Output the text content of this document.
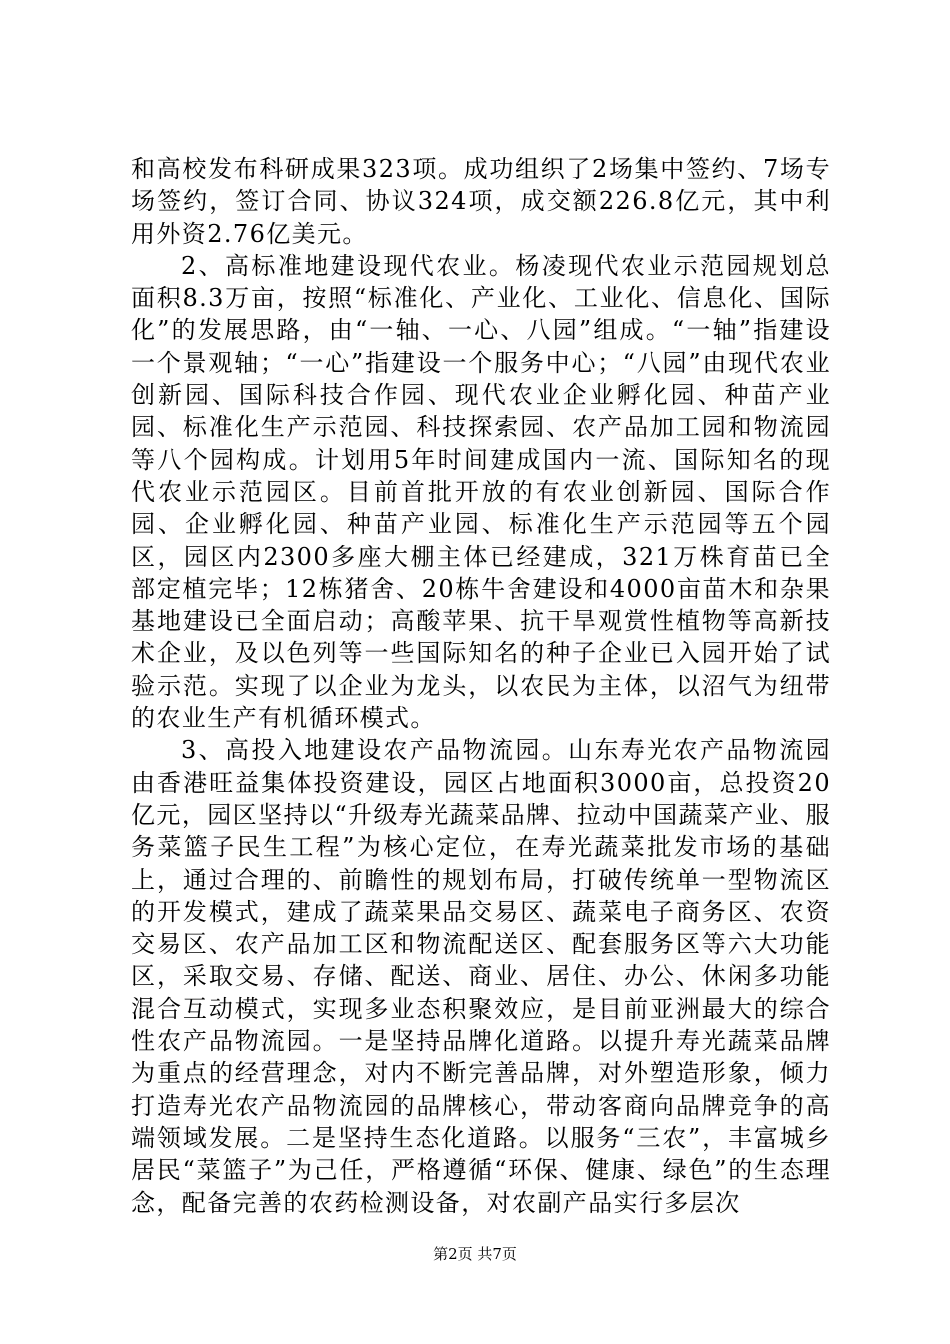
和高校发布科研成果323项。成功组织了2场集中签约、7场专场签约，签订合同、协议324项，成交额226.8亿元，其中利用外资2.76亿美元。

2、高标准地建设现代农业。杨凌现代农业示范园规划总面积8.3万亩，按照“标准化、产业化、工业化、信息化、国际化”的发展思路，由“一轴、一心、八园”组成。“一轴”指建设一个景观轴；“一心”指建设一个服务中心；“八园”由现代农业创新园、国际科技合作园、现代农业企业孵化园、种苗产业园、标准化生产示范园、科技探索园、农产品加工园和物流园等八个园构成。计划用5年时间建成国内一流、国际知名的现代农业示范园区。目前首批开放的有农业创新园、国际合作园、企业孵化园、种苗产业园、标准化生产示范园等五个园区，园区内2300多座大棚主体已经建成，321万株育苗已全部定植完毕；12栋猪舍、20栋牛舍建设和4000亩苗木和杂果基地建设已全面启动；高酸苹果、抗干旱观赏性植物等高新技术企业，及以色列等一些国际知名的种子企业已入园开始了试验示范。实现了以企业为龙头，以农民为主体，以沼气为纽带的农业生产有机循环模式。

3、高投入地建设农产品物流园。山东寿光农产品物流园由香港旺益集体投资建设，园区占地面积3000亩，总投资20亿元，园区坚持以“升级寿光蔬菜品牌、拉动中国蔬菜产业、服务菜篮子民生工程”为核心定位，在寿光蔬菜批发市场的基础上，通过合理的、前瞻性的规划布局，打破传统单一型物流区的开发模式，建成了蔬菜果品交易区、蔬菜电子商务区、农资交易区、农产品加工区和物流配送区、配套服务区等六大功能区，采取交易、存储、配送、商业、居住、办公、休闲多功能混合互动模式，实现多业态积聚效应，是目前亚洲最大的综合性农产品物流园。一是坚持品牌化道路。以提升寿光蔬菜品牌为重点的经营理念，对内不断完善品牌，对外塑造形象，倾力打造寿光农产品物流园的品牌核心，带动客商向品牌竞争的高端领域发展。二是坚持生态化道路。以服务“三农”，丰富城乡居民“菜篮子”为己任，严格遵循“环保、健康、绿色”的生态理念，配备完善的农药检测设备，对农副产品实行多层次

第2页 共7页
